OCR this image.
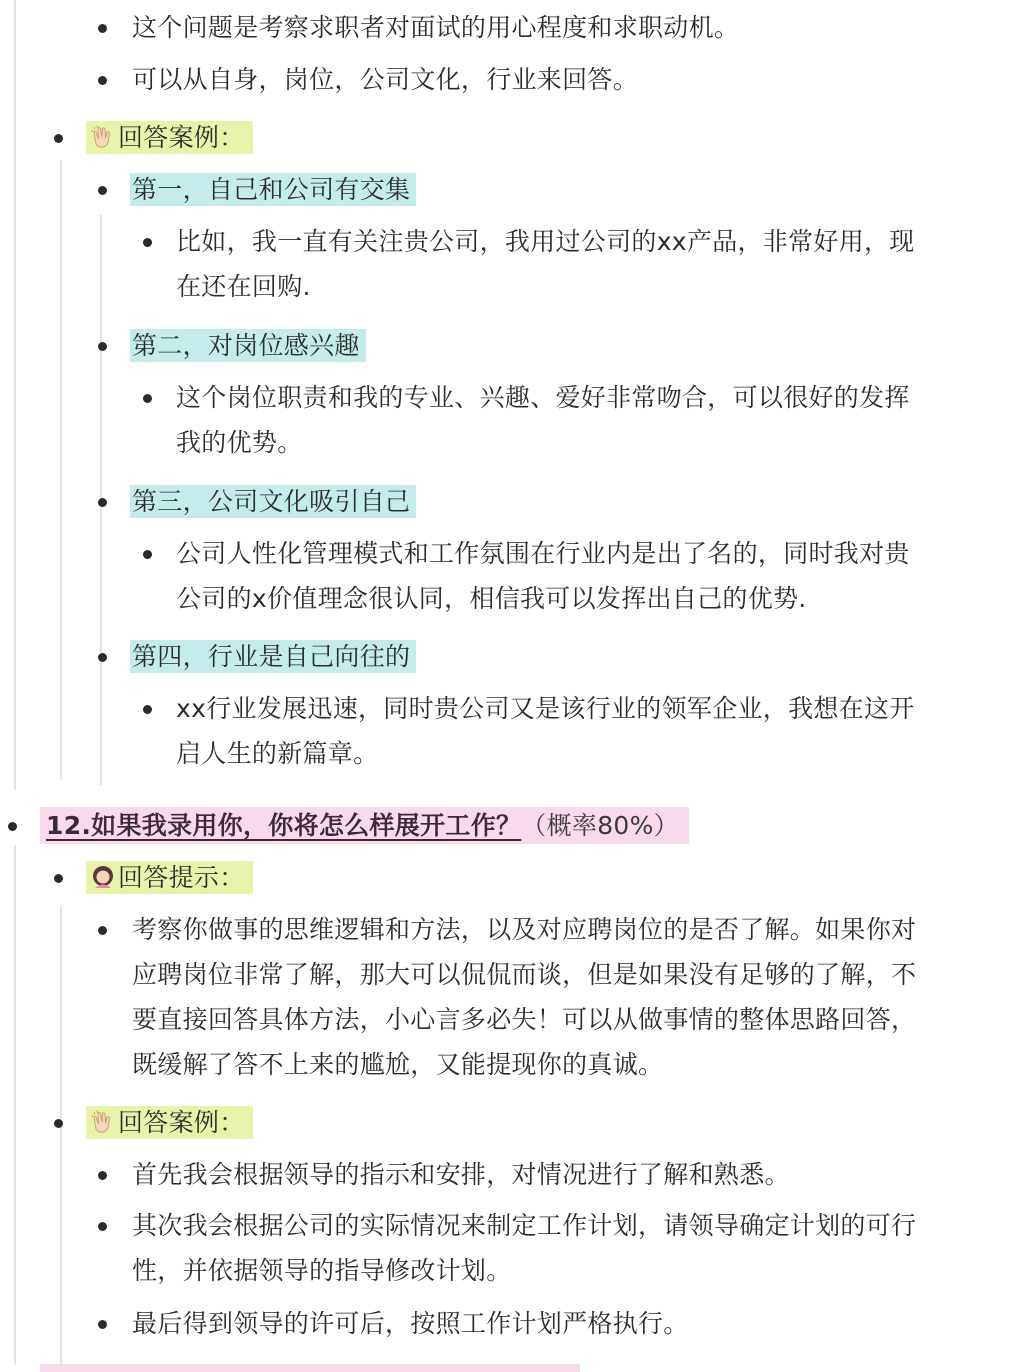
这个问题是考察求职者对面试的用心程度和求职动机。
可以从自身，岗位，公司文化，行业来回答。
回答案例：
第一，自己和公司有交集
比如，我一直有关注贵公司，我用过公司的xx产品，非常好用，现
在还在回购.
第二，对岗位感兴趣
这个岗位职责和我的专业、兴趣、爱好非常吻合，可以很好的发挥
我的优势。
第三，公司文化吸引自己
公司人性化管理模式和工作氛围在行业内是出了名的，同时我对贵
公司的x价值理念很认同，相信我可以发挥出自己的优势.
第四，行业是自己向往的
xx行业发展迅速，同时贵公司又是该行业的领军企业，我想在这开
启人生的新篇章。
12.如果我录用你，你将怎么样展开工作？（概率80%）
回答提示：
考察你做事的思维逻辑和方法，以及对应聘岗位的是否了解。如果你对
应聘岗位非常了解，那大可以侃侃而谈，但是如果没有足够的了解，不
要直接回答具体方法，小心言多必失！可以从做事情的整体思路回答，
既缓解了答不上来的尴尬，又能提现你的真诚。
回答案例：
首先我会根据领导的指示和安排，对情况进行了解和熟悉。
其次我会根据公司的实际情况来制定工作计划，请领导确定计划的可行
性，并依据领导的指导修改计划。
最后得到领导的许可后，按照工作计划严格执行。
